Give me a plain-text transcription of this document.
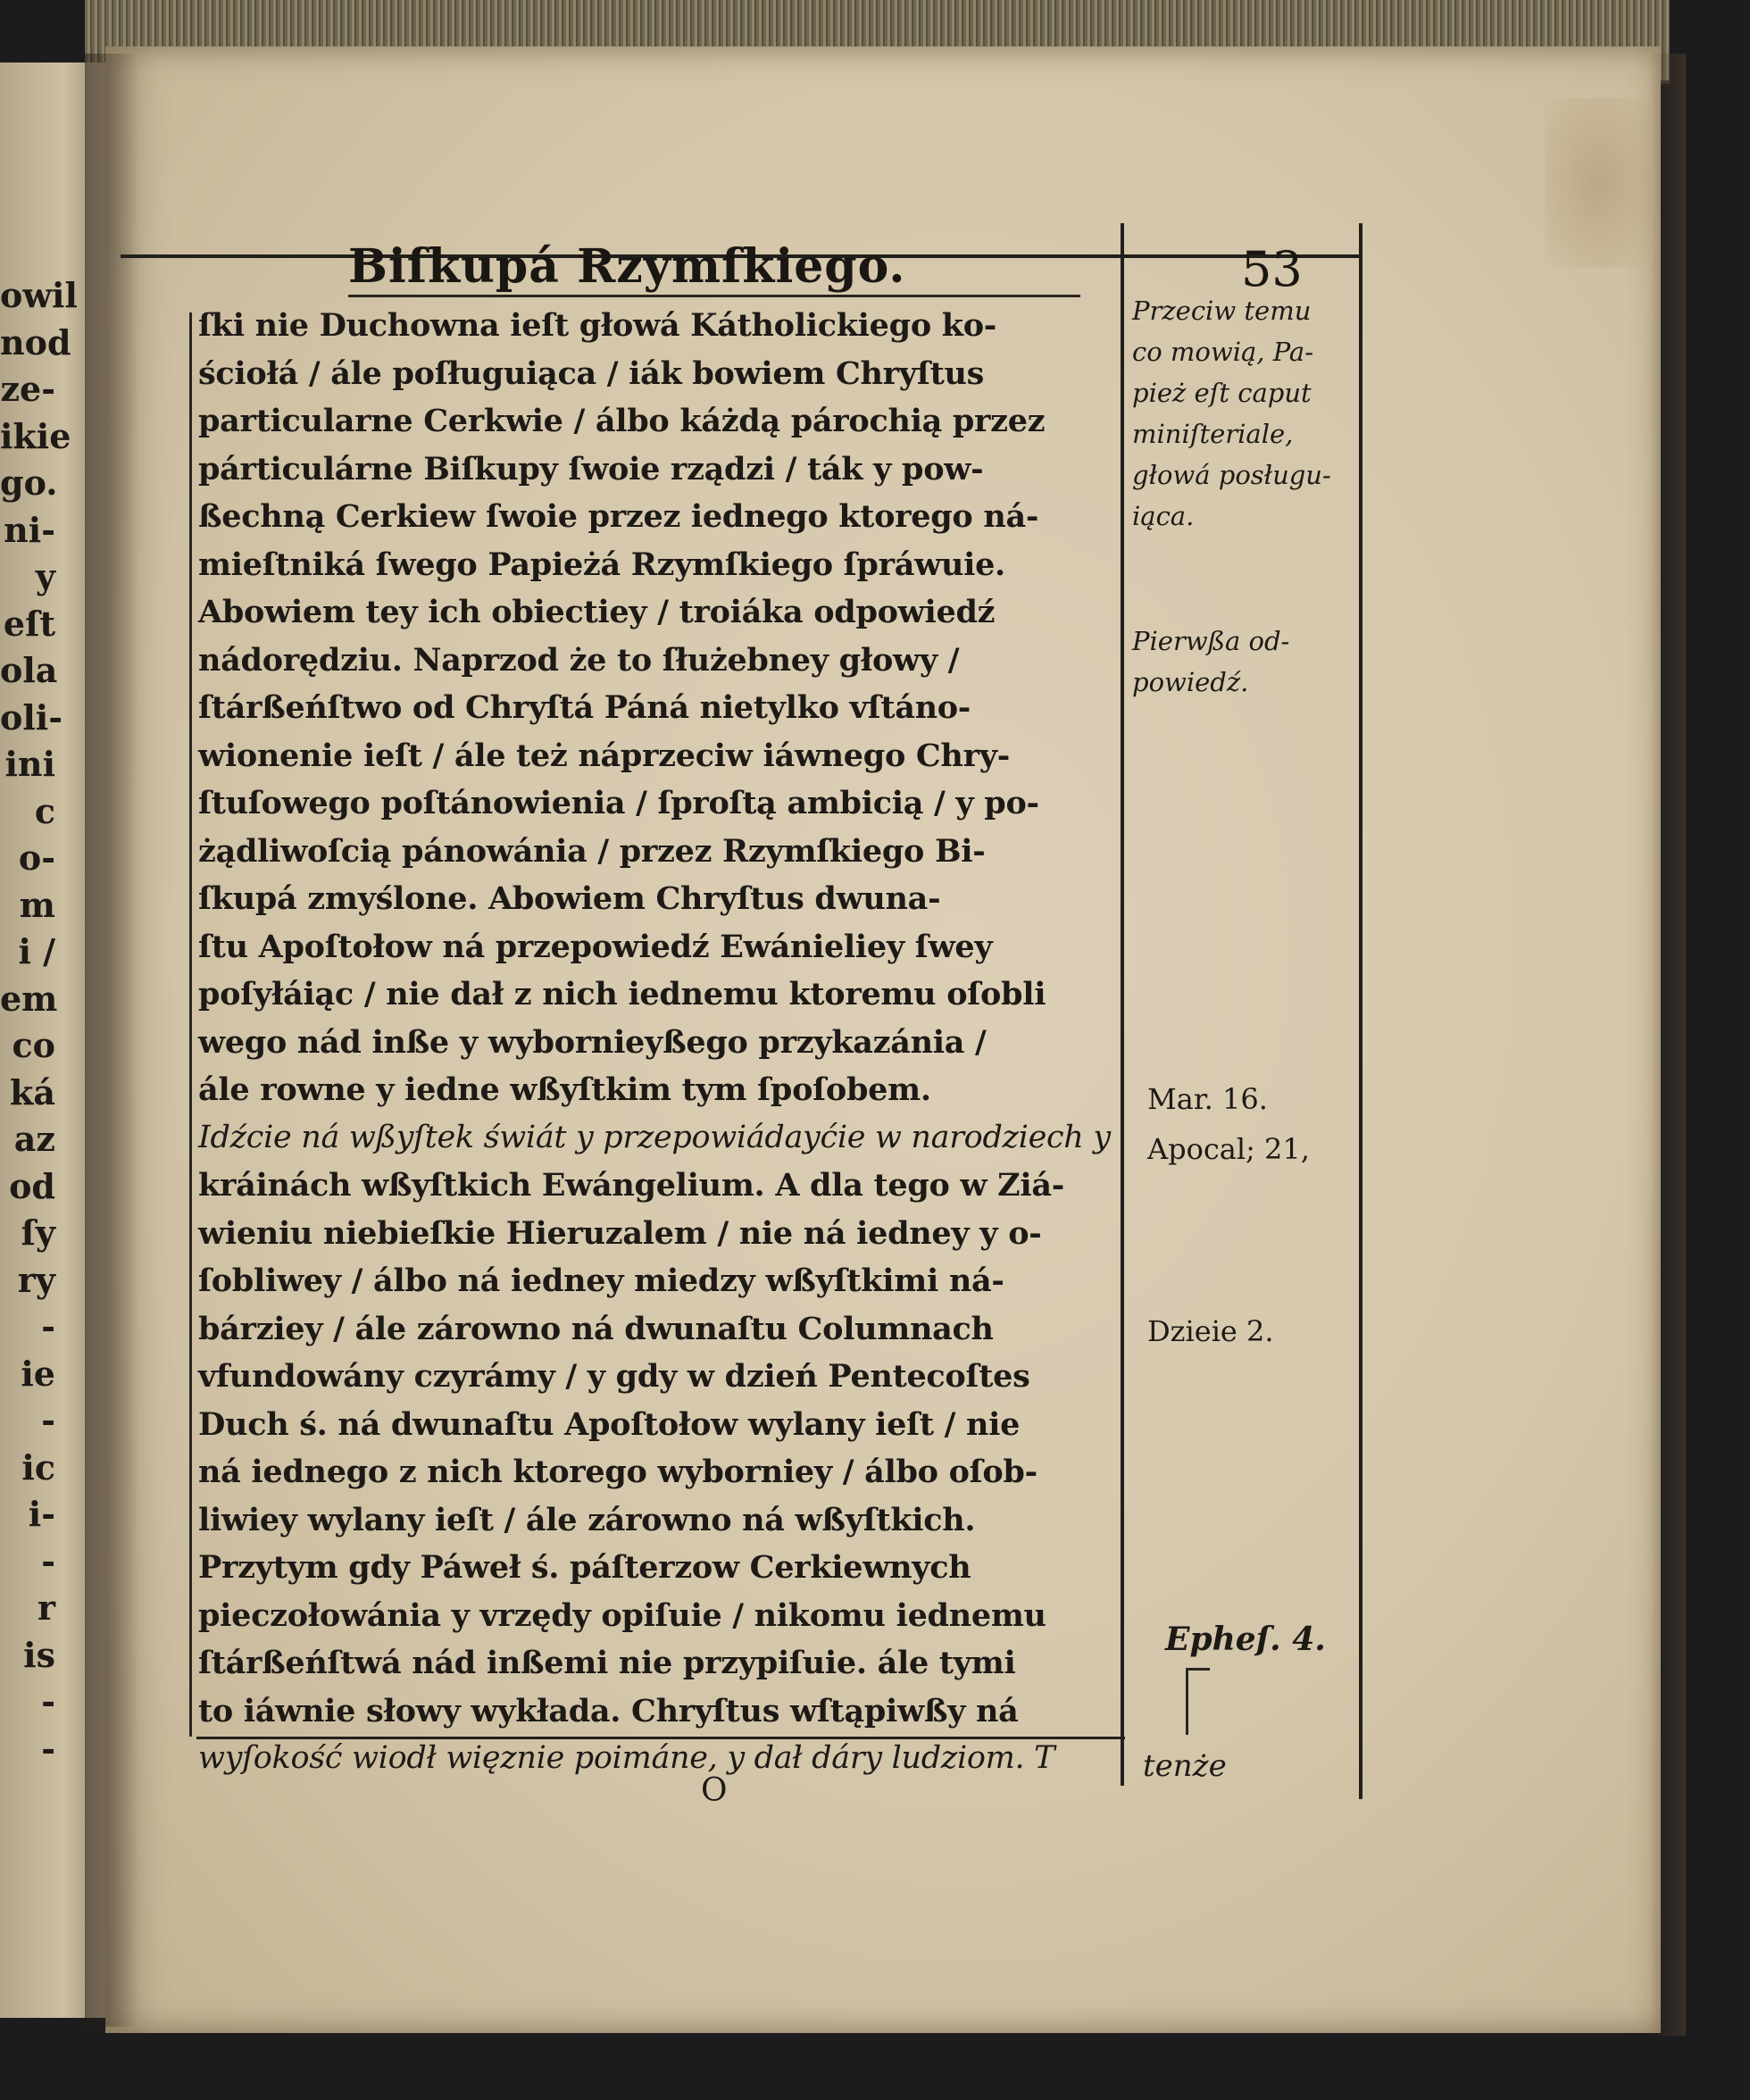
owil
nod
ze-
ikie
go.
ni-
y
eſt
ola
oli-
ini
c
o-
m
i /
em
co
ká
az
od
ſy
ry
-
ie
-
ic
i-
-
r
is
-
-
Biſkupá Rzymſkiego.	53
ſki nie Duchowna ieſt głowá Kátholickiego ko-
ściołá / ále poſługuiąca / iák bowiem Chryſtus
particularne Cerkwie / álbo káżdą párochią przez
párticulárne Biſkupy ſwoie rządzi / ták y pow-
ßechną Cerkiew ſwoie przez iednego ktorego ná-
mieſtniká ſwego Papieżá Rzymſkiego ſpráwuie.
Abowiem tey ich obiectiey / troiáka odpowiedź
nádorędziu. Naprzod że to ſłużebney głowy /
ſtárßeńſtwo od Chryſtá Páná nietylko vſtáno-
wionenie ieſt / ále też náprzeciw iáwnego Chry-
ſtuſowego poſtánowienia / ſproſtą ambicią / y po-
żądliwoſcią pánowánia / przez Rzymſkiego Bi-
ſkupá zmyślone. Abowiem Chryſtus dwuna-
ſtu Apoſtołow ná przepowiedź Ewánieliey ſwey
poſyłáiąc / nie dał z nich iednemu ktoremu oſobli
wego nád inße y wybornieyßego przykazánia /
ále rowne y iedne wßyſtkim tym ſpoſobem.
Idźcie ná wßyſtek świát y przepowiádayćie w narodziech y
kráinách wßyſtkich Ewángelium. A dla tego w Ziá-
wieniu niebieſkie Hieruzalem / nie ná iedney y o-
ſobliwey / álbo ná iedney miedzy wßyſtkimi ná-
bárziey / ále zárowno ná dwunaſtu Columnach
vfundowány czyrámy / y gdy w dzień Pentecoſtes
Duch ś. ná dwunaſtu Apoſtołow wylany ieſt / nie
ná iednego z nich ktorego wyborniey / álbo oſob-
liwiey wylany ieſt / ále zárowno ná wßyſtkich.
Przytym gdy Páweł ś. páſterzow Cerkiewnych
pieczołowánia y vrzędy opiſuie / nikomu iednemu
ſtárßeńſtwá nád inßemi nie przypiſuie. ále tymi
to iáwnie słowy wykłada. Chryſtus wſtąpiwßy ná
wyſokość wiodł więznie poimáne, y dał dáry ludziom. T	tenże
O
Przeciw temu
co mowią, Pa-
pież eſt caput
miniſteriale,
głowá posługu-
iąca.
Pierwßa od-
powiedź.
Mar. 16.
Apocal; 21,
Dzieie 2.
Epheſ. 4.
